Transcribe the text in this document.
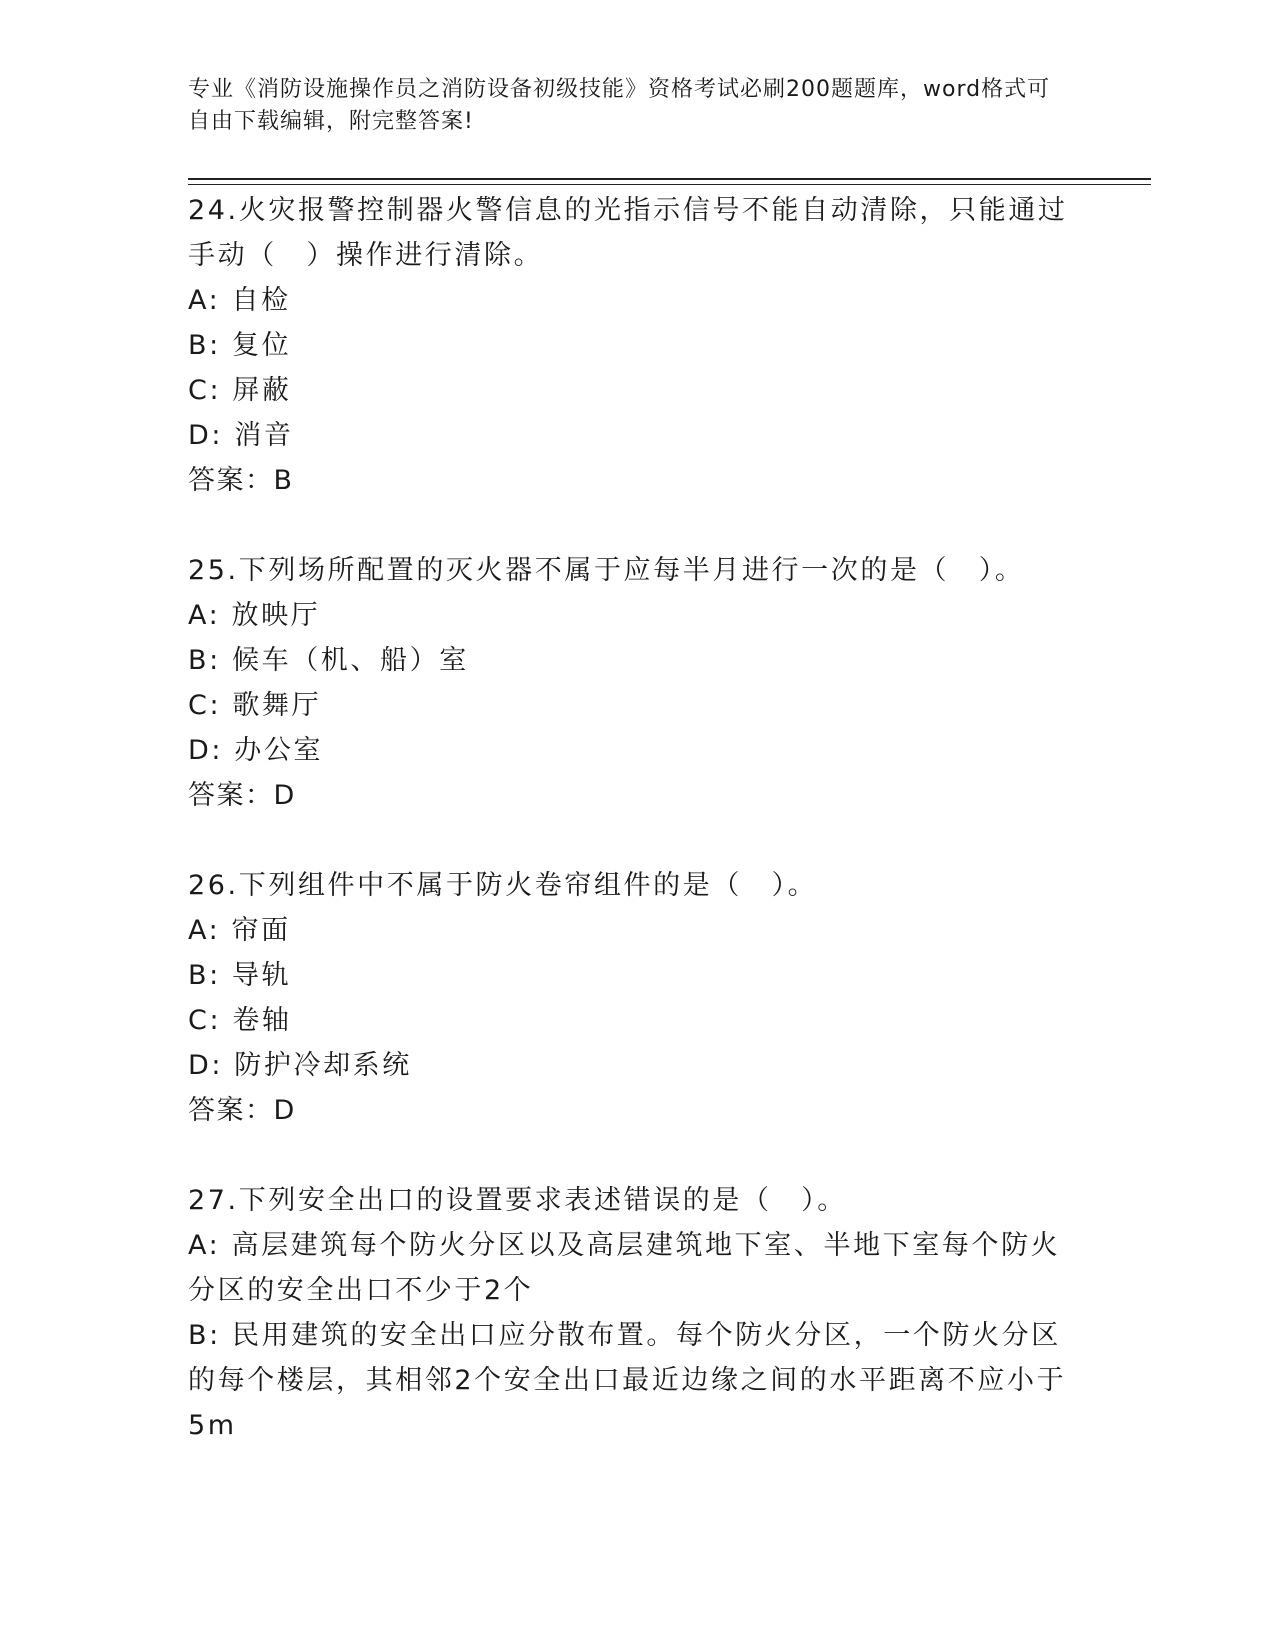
专业《消防设施操作员之消防设备初级技能》资格考试必刷200题题库，word格式可自由下载编辑，附完整答案!
24.火灾报警控制器火警信息的光指示信号不能自动清除，只能通过手动（　）操作进行清除。
A: 自检
B: 复位
C: 屏蔽
D: 消音
答案：B
25.下列场所配置的灭火器不属于应每半月进行一次的是（　）。
A: 放映厅
B: 候车（机、船）室
C: 歌舞厅
D: 办公室
答案：D
26.下列组件中不属于防火卷帘组件的是（　）。
A: 帘面
B: 导轨
C: 卷轴
D: 防护冷却系统
答案：D
27.下列安全出口的设置要求表述错误的是（　）。
A: 高层建筑每个防火分区以及高层建筑地下室、半地下室每个防火分区的安全出口不少于2个
B: 民用建筑的安全出口应分散布置。每个防火分区，一个防火分区的每个楼层，其相邻2个安全出口最近边缘之间的水平距离不应小于5m
